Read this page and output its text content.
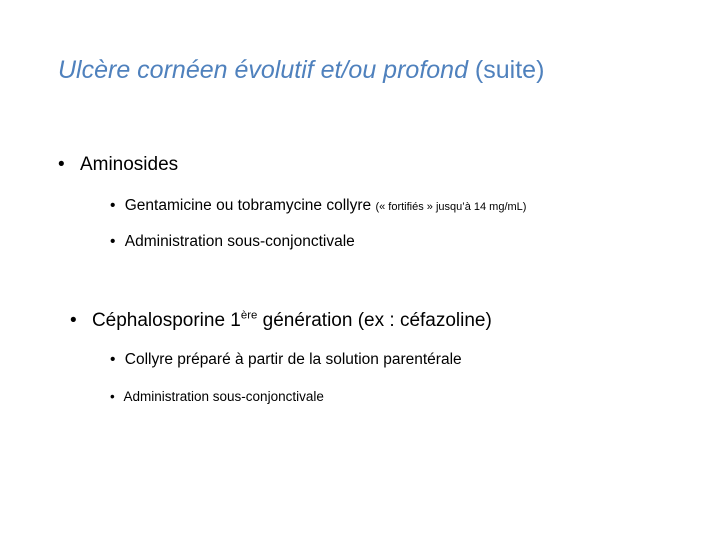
Ulcère cornéen évolutif et/ou profond (suite)
• Aminosides
• Gentamicine ou tobramycine collyre (« fortifiés » jusqu’à 14 mg/mL)
• Administration sous-conjonctivale
• Céphalosporine 1ère génération (ex : céfazoline)
• Collyre préparé à partir de la solution parentérale
• Administration sous-conjonctivale
